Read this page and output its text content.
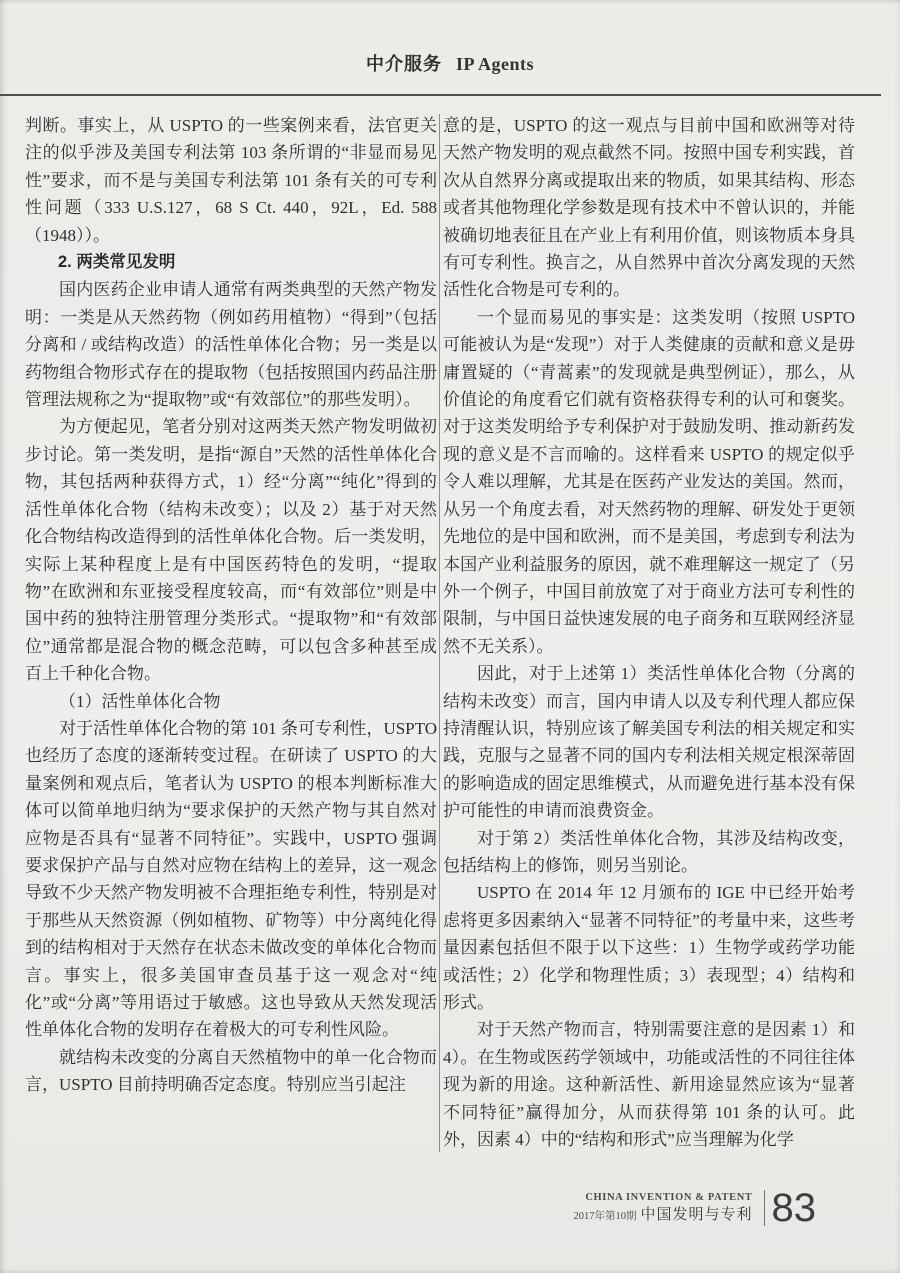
中介服务 IP Agents

判断。事实上，从 USPTO 的一些案例来看，法官更关注的似乎涉及美国专利法第 103 条所谓的“非显而易见性”要求，而不是与美国专利法第 101 条有关的可专利性问题（333 U.S.127，68 S Ct. 440，92L，Ed. 588（1948））。

2. 两类常见发明

国内医药企业申请人通常有两类典型的天然产物发明：一类是从天然药物（例如药用植物）“得到”（包括分离和 / 或结构改造）的活性单体化合物；另一类是以药物组合物形式存在的提取物（包括按照国内药品注册管理法规称之为“提取物”或“有效部位”的那些发明）。

为方便起见，笔者分别对这两类天然产物发明做初步讨论。第一类发明，是指“源自”天然的活性单体化合物，其包括两种获得方式，1）经“分离”“纯化”得到的活性单体化合物（结构未改变）；以及 2）基于对天然化合物结构改造得到的活性单体化合物。后一类发明，实际上某种程度上是有中国医药特色的发明，“提取物”在欧洲和东亚接受程度较高，而“有效部位”则是中国中药的独特注册管理分类形式。“提取物”和“有效部位”通常都是混合物的概念范畴，可以包含多种甚至成百上千种化合物。

（1）活性单体化合物

对于活性单体化合物的第 101 条可专利性，USPTO 也经历了态度的逐渐转变过程。在研读了 USPTO 的大量案例和观点后，笔者认为 USPTO 的根本判断标准大体可以简单地归纳为“要求保护的天然产物与其自然对应物是否具有“显著不同特征”。实践中，USPTO 强调要求保护产品与自然对应物在结构上的差异，这一观念导致不少天然产物发明被不合理拒绝专利性，特别是对于那些从天然资源（例如植物、矿物等）中分离纯化得到的结构相对于天然存在状态未做改变的单体化合物而言。事实上，很多美国审查员基于这一观念对“纯化”或“分离”等用语过于敏感。这也导致从天然发现活性单体化合物的发明存在着极大的可专利性风险。

就结构未改变的分离自天然植物中的单一化合物而言，USPTO 目前持明确否定态度。特别应当引起注

意的是，USPTO 的这一观点与目前中国和欧洲等对待天然产物发明的观点截然不同。按照中国专利实践，首次从自然界分离或提取出来的物质，如果其结构、形态或者其他物理化学参数是现有技术中不曾认识的，并能被确切地表征且在产业上有利用价值，则该物质本身具有可专利性。换言之，从自然界中首次分离发现的天然活性化合物是可专利的。

一个显而易见的事实是：这类发明（按照 USPTO 可能被认为是“发现”）对于人类健康的贡献和意义是毋庸置疑的（“青蒿素”的发现就是典型例证），那么，从价值论的角度看它们就有资格获得专利的认可和褒奖。对于这类发明给予专利保护对于鼓励发明、推动新药发现的意义是不言而喻的。这样看来 USPTO 的规定似乎令人难以理解，尤其是在医药产业发达的美国。然而，从另一个角度去看，对天然药物的理解、研发处于更领先地位的是中国和欧洲，而不是美国，考虑到专利法为本国产业利益服务的原因，就不难理解这一规定了（另外一个例子，中国目前放宽了对于商业方法可专利性的限制，与中国日益快速发展的电子商务和互联网经济显然不无关系）。

因此，对于上述第 1）类活性单体化合物（分离的结构未改变）而言，国内申请人以及专利代理人都应保持清醒认识，特别应该了解美国专利法的相关规定和实践，克服与之显著不同的国内专利法相关规定根深蒂固的影响造成的固定思维模式，从而避免进行基本没有保护可能性的申请而浪费资金。

对于第 2）类活性单体化合物，其涉及结构改变，包括结构上的修饰，则另当别论。

USPTO 在 2014 年 12 月颁布的 IGE 中已经开始考虑将更多因素纳入“显著不同特征”的考量中来，这些考量因素包括但不限于以下这些：1）生物学或药学功能或活性；2）化学和物理性质；3）表现型；4）结构和形式。

对于天然产物而言，特别需要注意的是因素 1）和 4）。在生物或医药学领域中，功能或活性的不同往往体现为新的用途。这种新活性、新用途显然应该为“显著不同特征”赢得加分，从而获得第 101 条的认可。此外，因素 4）中的“结构和形式”应当理解为化学

CHINA INVENTION & PATENT
2017年第10期 中国发明与专利 83
